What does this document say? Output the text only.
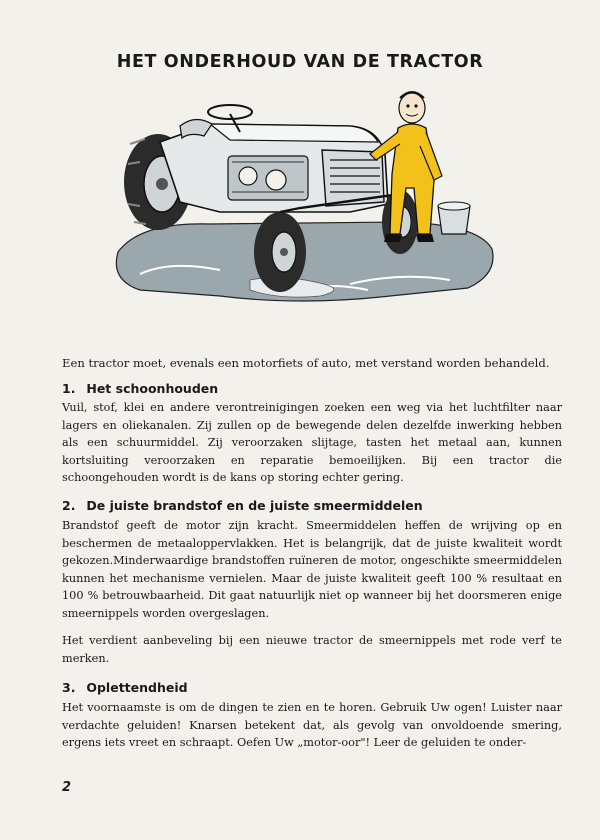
HET ONDERHOUD VAN DE TRACTOR
Een tractor moet, evenals een motorfiets of auto, met verstand worden behandeld.
1. Het schoonhouden
Vuil, stof, klei en andere verontreinigingen zoeken een weg via het luchtfilter naar lagers en oliekanalen. Zij zullen op de bewegende delen dezelfde inwerking hebben als een schuurmiddel. Zij veroorzaken slijtage, tasten het metaal aan, kunnen kortsluiting veroorzaken en reparatie bemoeilijken. Bij een tractor die schoongehouden wordt is de kans op storing echter gering.
2. De juiste brandstof en de juiste smeermiddelen
Brandstof geeft de motor zijn kracht. Smeermiddelen heffen de wrijving op en beschermen de metaaloppervlakken. Het is belangrijk, dat de juiste kwaliteit wordt gekozen.Minderwaardige brandstoffen ruïneren de motor, ongeschikte smeermiddelen kunnen het mechanisme vernielen. Maar de juiste kwaliteit geeft 100 % resultaat en 100 % betrouwbaarheid. Dit gaat natuurlijk niet op wanneer bij het doorsmeren enige smeernippels worden overgeslagen.
Het verdient aanbeveling bij een nieuwe tractor de smeernippels met rode verf te merken.
3. Oplettendheid
Het voornaamste is om de dingen te zien en te horen. Gebruik Uw ogen! Luister naar verdachte geluiden! Knarsen betekent dat, als gevolg van onvoldoende smering, ergens iets vreet en schraapt. Oefen Uw „motor-oor"! Leer de geluiden te onder-
2
